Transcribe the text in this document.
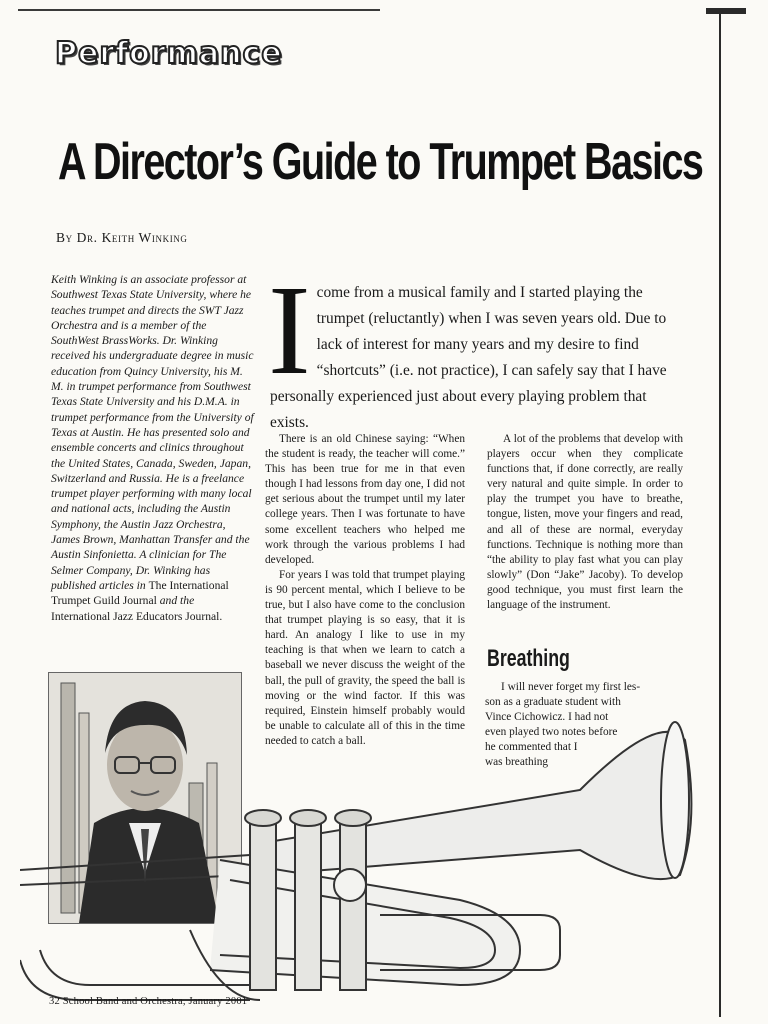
Performance
A Director’s Guide to Trumpet Basics
By Dr. Keith Winking

Keith Winking is an associate professor at Southwest Texas State University, where he teaches trumpet and directs the SWT Jazz Orchestra and is a member of the SouthWest BrassWorks. Dr. Winking received his undergraduate degree in music education from Quincy University, his M. M. in trumpet performance from Southwest Texas State University and his D.M.A. in trumpet performance from the University of Texas at Austin. He has presented solo and ensemble concerts and clinics throughout the United States, Canada, Sweden, Japan, Switzerland and Russia. He is a freelance trumpet player performing with many local and national acts, including the Austin Symphony, the Austin Jazz Orchestra, James Brown, Manhattan Transfer and the Austin Sinfonietta. A clinician for The Selmer Company, Dr. Winking has published articles in The International Trumpet Guild Journal and the International Jazz Educators Journal.

I come from a musical family and I started playing the trumpet (reluctantly) when I was seven years old. Due to lack of interest for many years and my desire to find “shortcuts” (i.e. not practice), I can safely say that I have personally experienced just about every playing problem that exists.

There is an old Chinese saying: “When the student is ready, the teacher will come.” This has been true for me in that even though I had lessons from day one, I did not get serious about the trumpet until my later college years. Then I was fortunate to have some excellent teachers who helped me work through the various problems I had developed.

For years I was told that trumpet playing is 90 percent mental, which I believe to be true, but I also have come to the conclusion that trumpet playing is so easy, that it is hard. An analogy I like to use in my teaching is that when we learn to catch a baseball we never discuss the weight of the ball, the pull of gravity, the speed the ball is moving or the wind factor. If this was required, Einstein himself probably would be unable to calculate all of this in the time needed to catch a ball.

A lot of the problems that develop with players occur when they complicate functions that, if done correctly, are really very natural and quite simple. In order to play the trumpet you have to breathe, tongue, listen, move your fingers and read, and all of these are normal, everyday functions. Technique is nothing more than “the ability to play fast what you can play slowly” (Don “Jake” Jacoby). To develop good technique, you must first learn the language of the instrument.

Breathing
I will never forget my first les-
son as a graduate student with
Vince Cichowicz. I had not
even played two notes before
he commented that I
was breathing
32 School Band and Orchestra, January 2001
